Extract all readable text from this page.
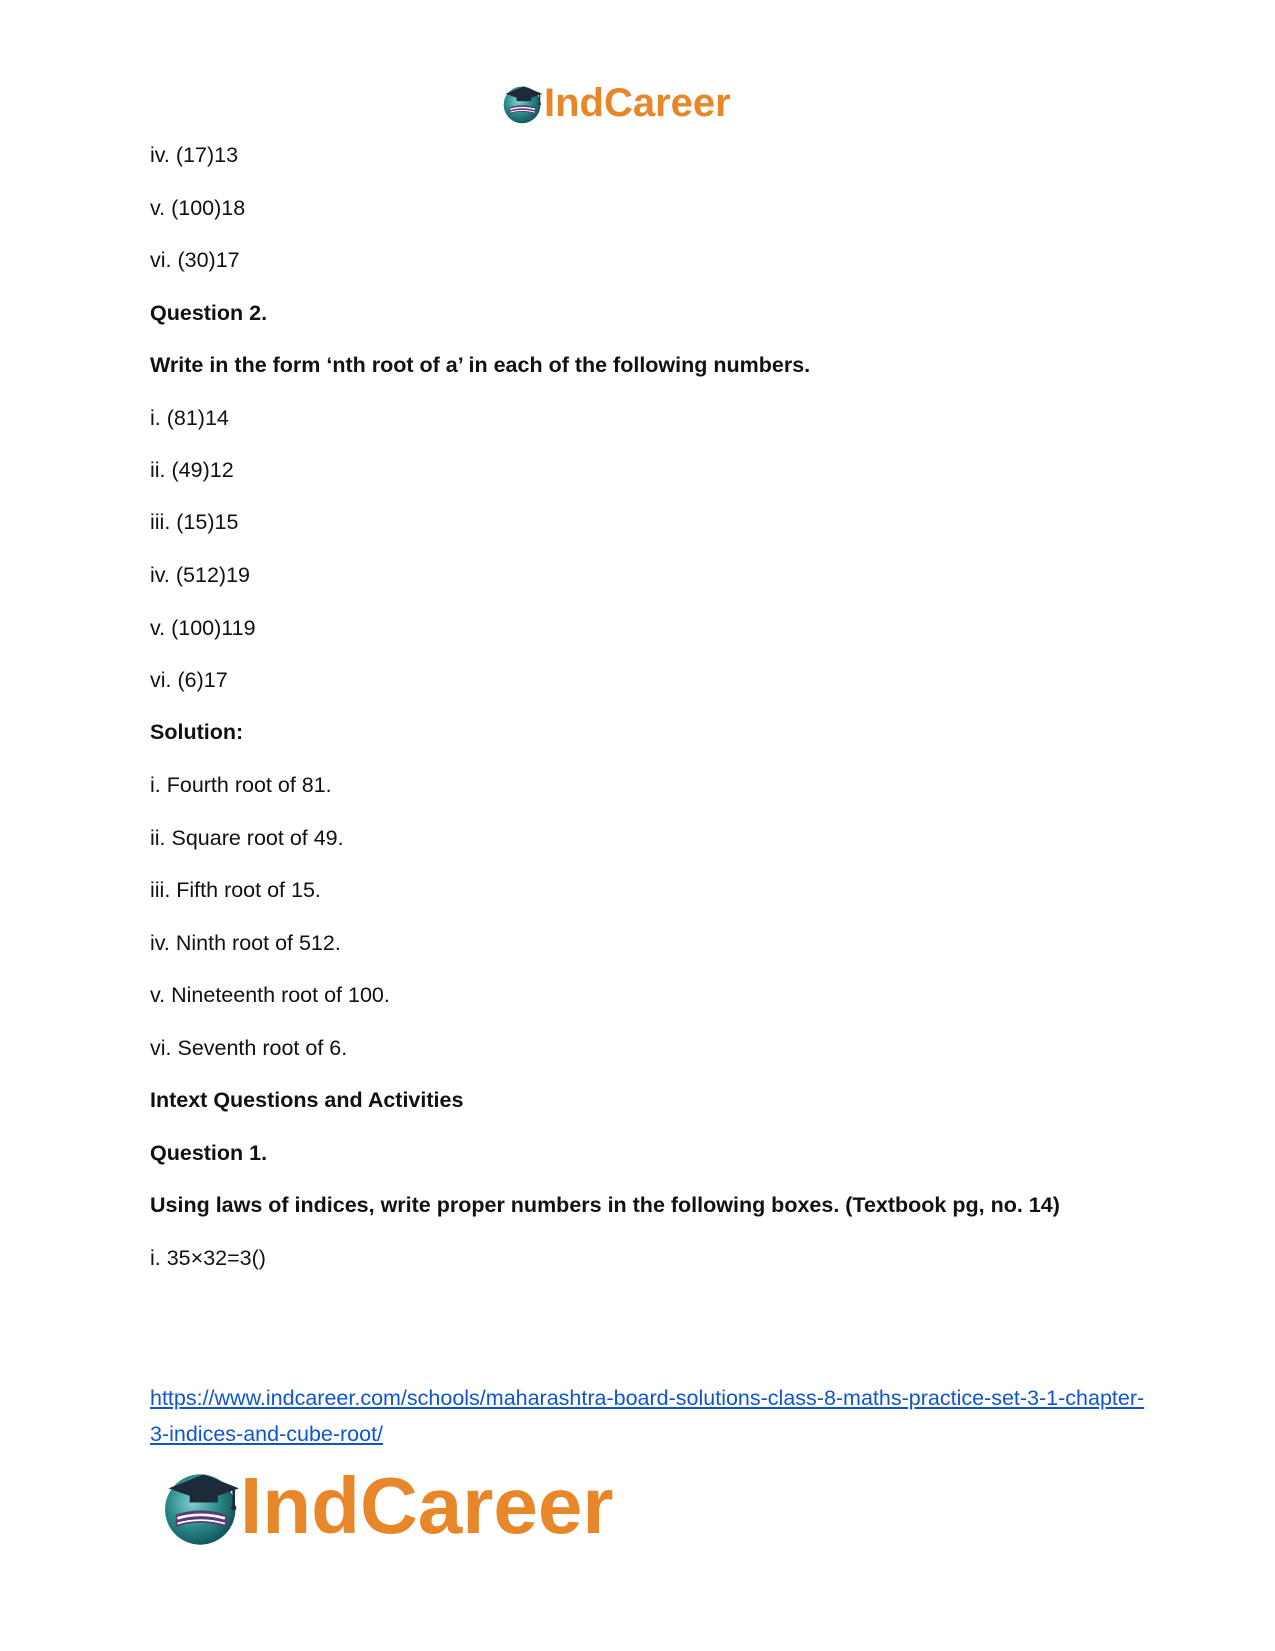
IndCareer
iv. (17)13
v. (100)18
vi. (30)17
Question 2.
Write in the form ‘nth root of a’ in each of the following numbers.
i. (81)14
ii. (49)12
iii. (15)15
iv. (512)19
v. (100)119
vi. (6)17
Solution:
i. Fourth root of 81.
ii. Square root of 49.
iii. Fifth root of 15.
iv. Ninth root of 512.
v. Nineteenth root of 100.
vi. Seventh root of 6.
Intext Questions and Activities
Question 1.
Using laws of indices, write proper numbers in the following boxes. (Textbook pg, no. 14)
i. 35×32=3()
https://www.indcareer.com/schools/maharashtra-board-solutions-class-8-maths-practice-set-3-1-chapter-3-indices-and-cube-root/
IndCareer
